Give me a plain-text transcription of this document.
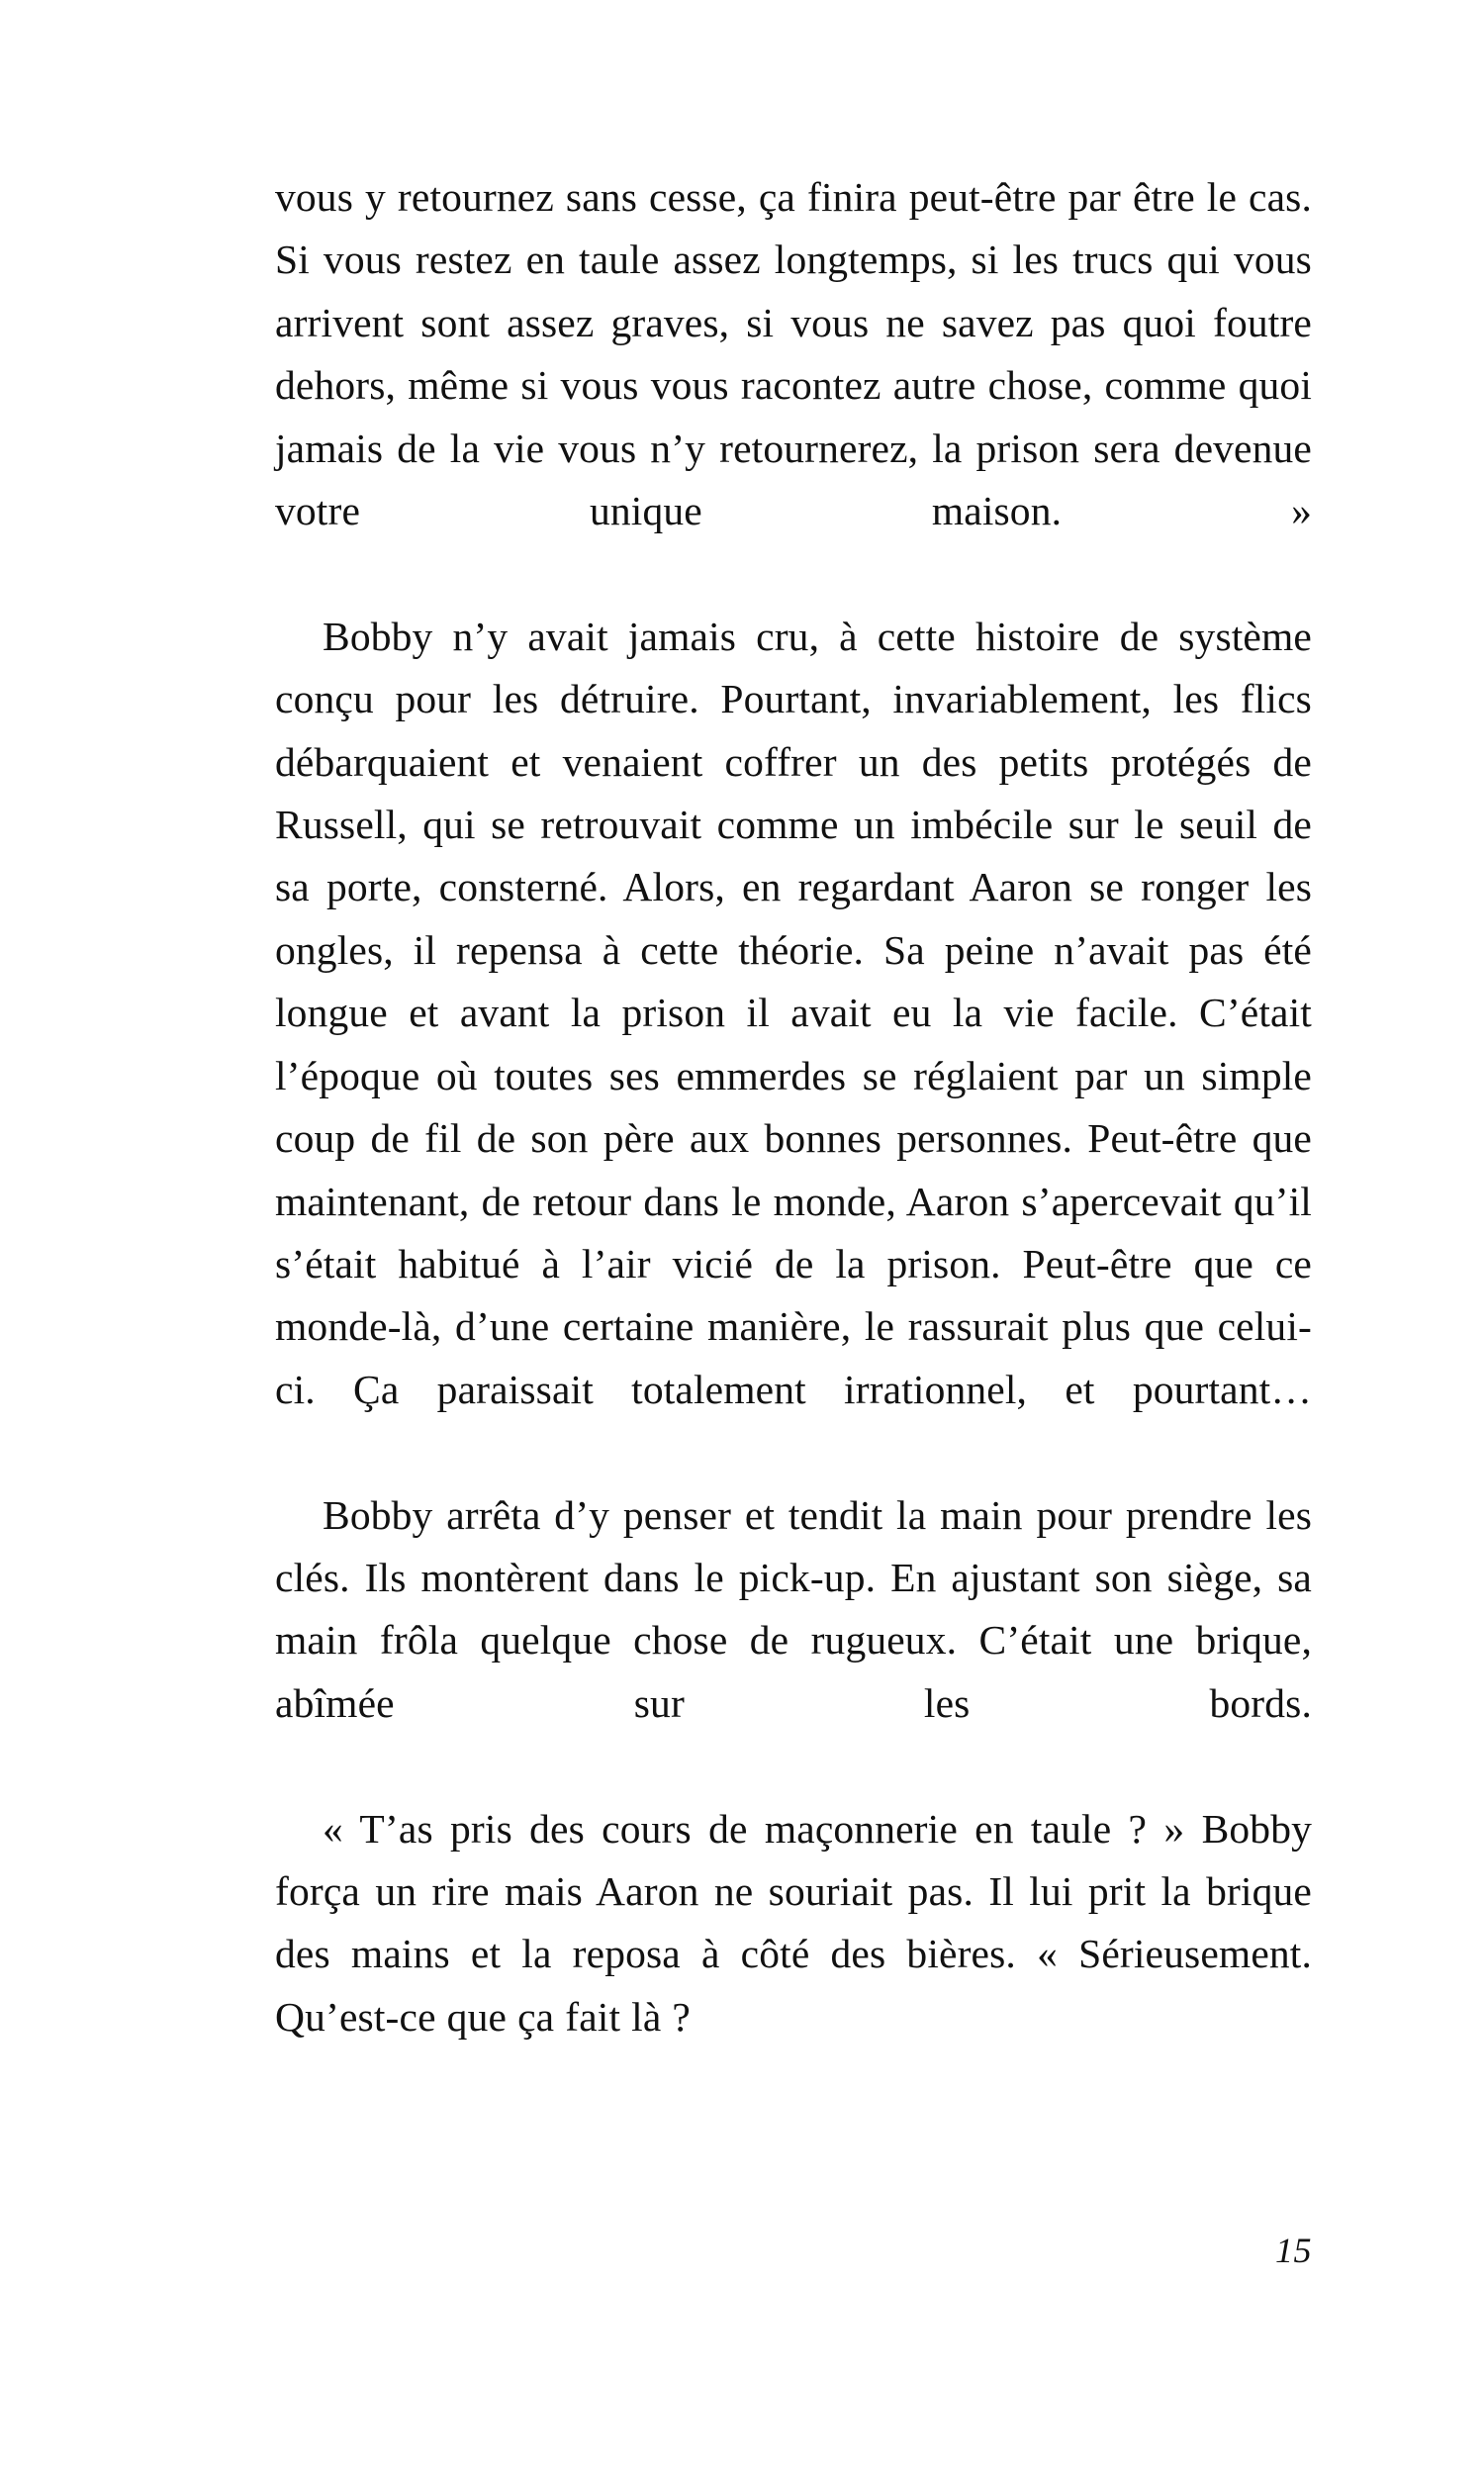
vous y retournez sans cesse, ça finira peut-être par être le cas. Si vous restez en taule assez longtemps, si les trucs qui vous arrivent sont assez graves, si vous ne savez pas quoi foutre dehors, même si vous vous racontez autre chose, comme quoi jamais de la vie vous n’y retournerez, la prison sera devenue votre unique maison. »

Bobby n’y avait jamais cru, à cette histoire de système conçu pour les détruire. Pourtant, invariablement, les flics débarquaient et venaient coffrer un des petits protégés de Russell, qui se retrouvait comme un imbécile sur le seuil de sa porte, consterné. Alors, en regardant Aaron se ronger les ongles, il repensa à cette théorie. Sa peine n’avait pas été longue et avant la prison il avait eu la vie facile. C’était l’époque où toutes ses emmerdes se réglaient par un simple coup de fil de son père aux bonnes personnes. Peut-être que maintenant, de retour dans le monde, Aaron s’apercevait qu’il s’était habitué à l’air vicié de la prison. Peut-être que ce monde-là, d’une certaine manière, le rassurait plus que celui-ci. Ça paraissait totalement irrationnel, et pourtant…

Bobby arrêta d’y penser et tendit la main pour prendre les clés. Ils montèrent dans le pick-up. En ajustant son siège, sa main frôla quelque chose de rugueux. C’était une brique, abîmée sur les bords.

« T’as pris des cours de maçonnerie en taule ? » Bobby força un rire mais Aaron ne souriait pas. Il lui prit la brique des mains et la reposa à côté des bières. « Sérieusement. Qu’est-ce que ça fait là ?

15
